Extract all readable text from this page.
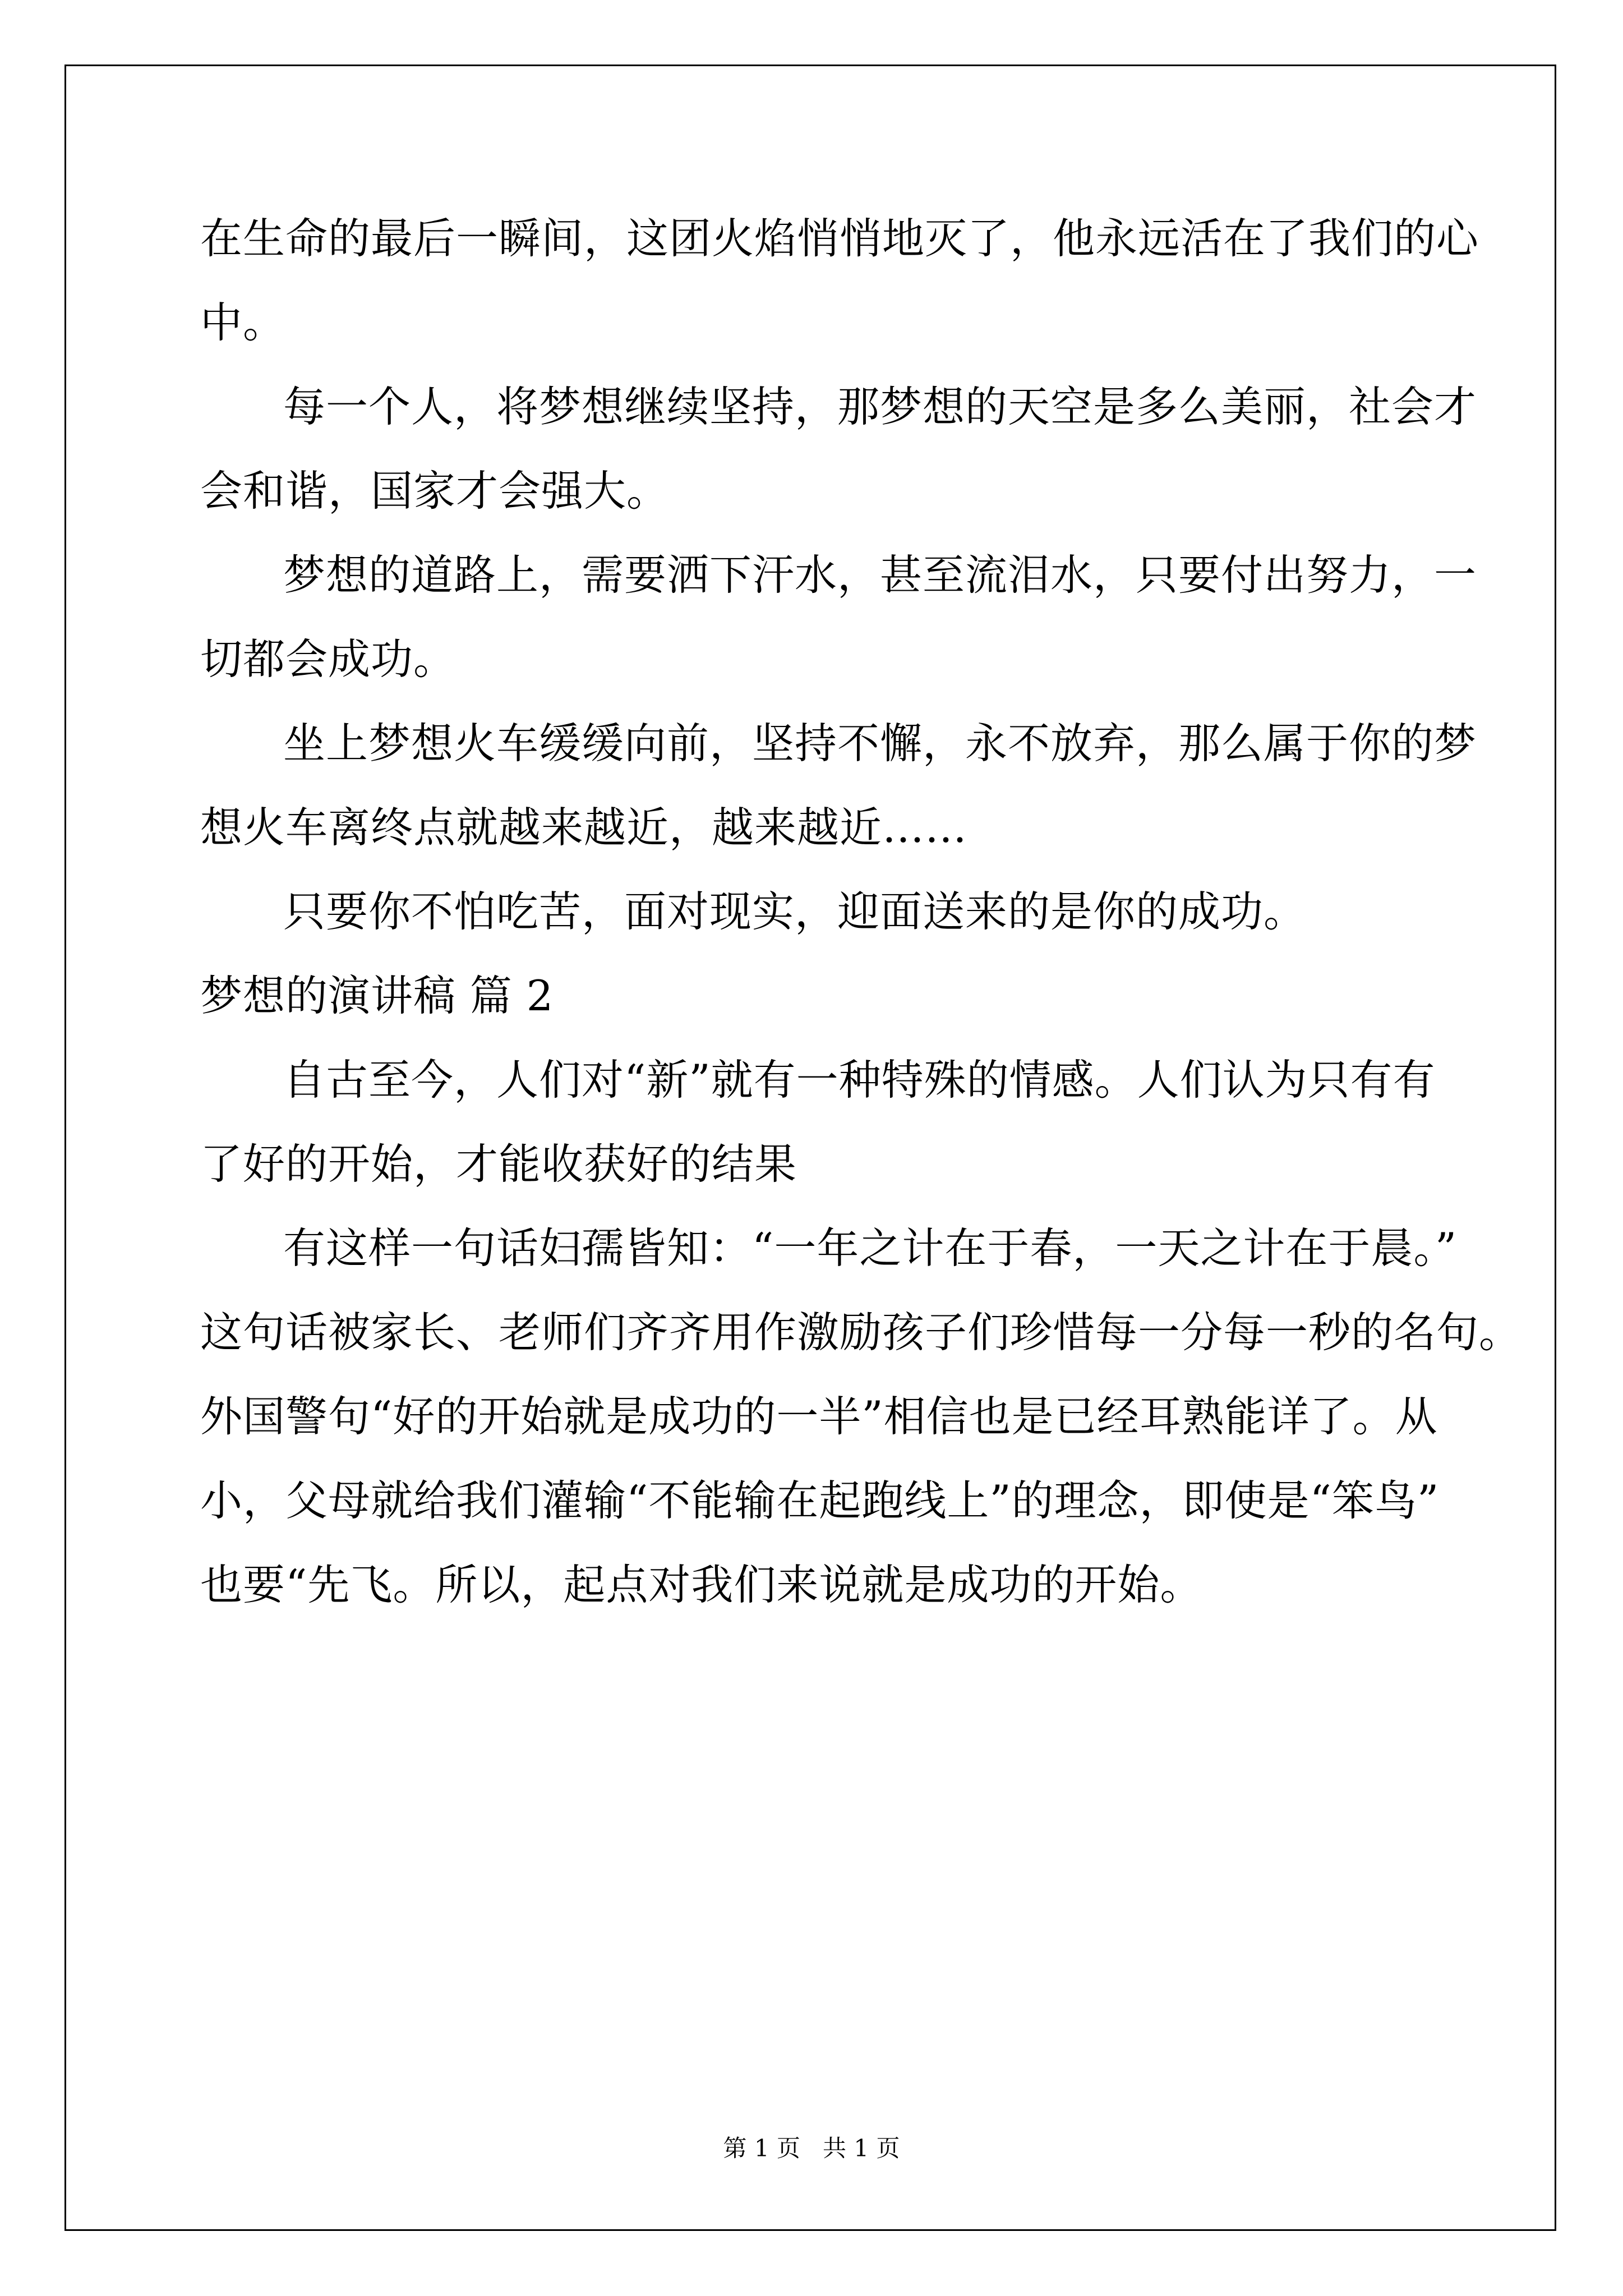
在生命的最后一瞬间，这团火焰悄悄地灭了，他永远活在了我们的心
中。
每一个人，将梦想继续坚持，那梦想的天空是多么美丽，社会才
会和谐，国家才会强大。
梦想的道路上，需要洒下汗水，甚至流泪水，只要付出努力，一
切都会成功。
坐上梦想火车缓缓向前，坚持不懈，永不放弃，那么属于你的梦
想火车离终点就越来越近，越来越近……
只要你不怕吃苦，面对现实，迎面送来的是你的成功。
梦想的演讲稿 篇 2
自古至今，人们对“新”就有一种特殊的情感。人们认为只有有
了好的开始，才能收获好的结果
有这样一句话妇孺皆知：“一年之计在于春，一天之计在于晨。”
这句话被家长、老师们齐齐用作激励孩子们珍惜每一分每一秒的名句。
外国警句“好的开始就是成功的一半”相信也是已经耳熟能详了。从
小，父母就给我们灌输“不能输在起跑线上”的理念，即使是“笨鸟”
也要“先飞。所以，起点对我们来说就是成功的开始。
第 1 页   共 1 页
